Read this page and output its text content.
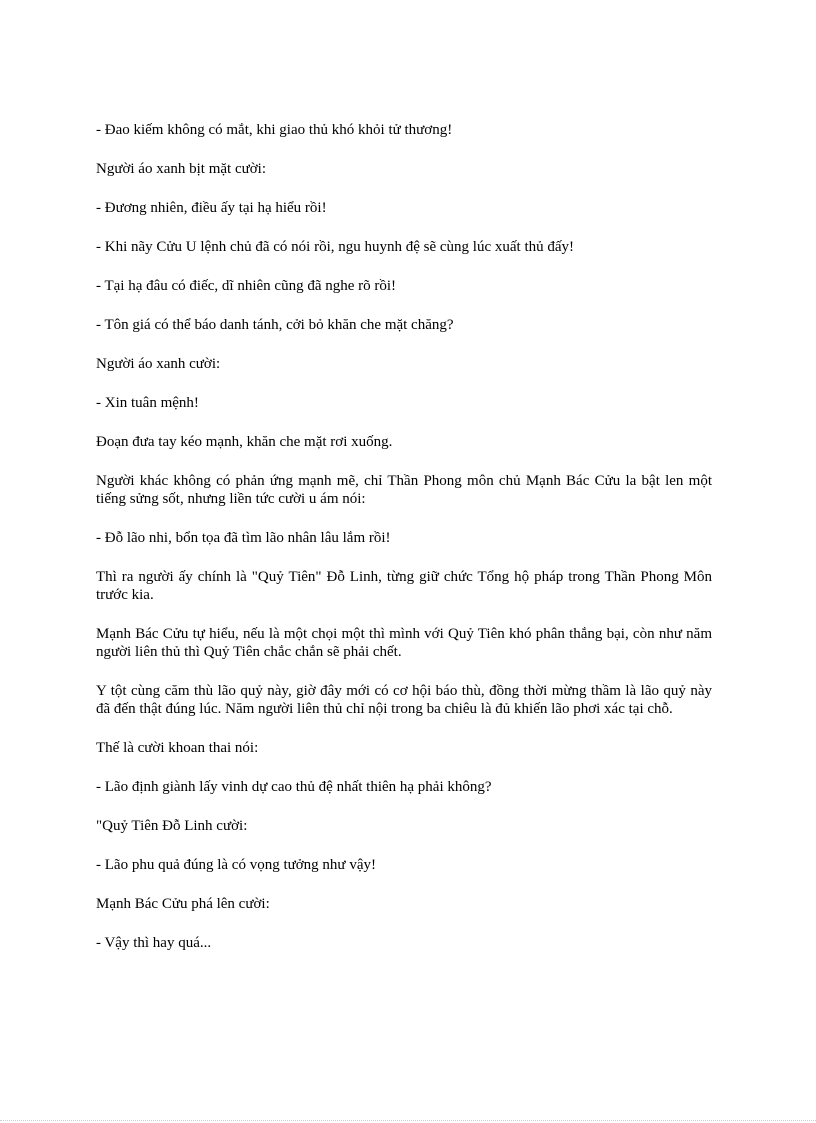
- Đao kiếm không có mắt, khi giao thủ khó khỏi tử thương!

Người áo xanh bịt mặt cười:

- Đương nhiên, điều ấy tại hạ hiểu rồi!

- Khi nãy Cửu U lệnh chủ đã có nói rồi, ngu huynh đệ sẽ cùng lúc xuất thủ đấy!

- Tại hạ đâu có điếc, dĩ nhiên cũng đã nghe rõ rồi!

- Tôn giá có thể báo danh tánh, cởi bỏ khăn che mặt chăng?

Người áo xanh cười:

- Xin tuân mệnh!

Đoạn đưa tay kéo mạnh, khăn che mặt rơi xuống.

Người khác không có phản ứng mạnh mẽ, chỉ Thần Phong môn chủ Mạnh Bác Cửu la bật len một tiếng sửng sốt, nhưng liền tức cười u ám nói:

- Đỗ lão nhi, bổn tọa đã tìm lão nhân lâu lắm rồi!

Thì ra người ấy chính là "Quỷ Tiên" Đỗ Linh, từng giữ chức Tổng hộ pháp trong Thần Phong Môn trước kia.

Mạnh Bác Cửu tự hiểu, nếu là một chọi một thì mình với Quỷ Tiên khó phân thắng bại, còn như năm người liên thủ thì Quỷ Tiên chắc chắn sẽ phải chết.

Y tột cùng căm thù lão quỷ này, giờ đây mới có cơ hội báo thù, đồng thời mừng thầm là lão quỷ này đã đến thật đúng lúc. Năm người liên thủ chỉ nội trong ba chiêu là đủ khiến lão phơi xác tại chỗ.

Thế là cười khoan thai nói:

- Lão định giành lấy vinh dự cao thủ đệ nhất thiên hạ phải không?

"Quỷ Tiên Đỗ Linh cười:

- Lão phu quả đúng là có vọng tưởng như vậy!

Mạnh Bác Cửu phá lên cười:

- Vậy thì hay quá...
